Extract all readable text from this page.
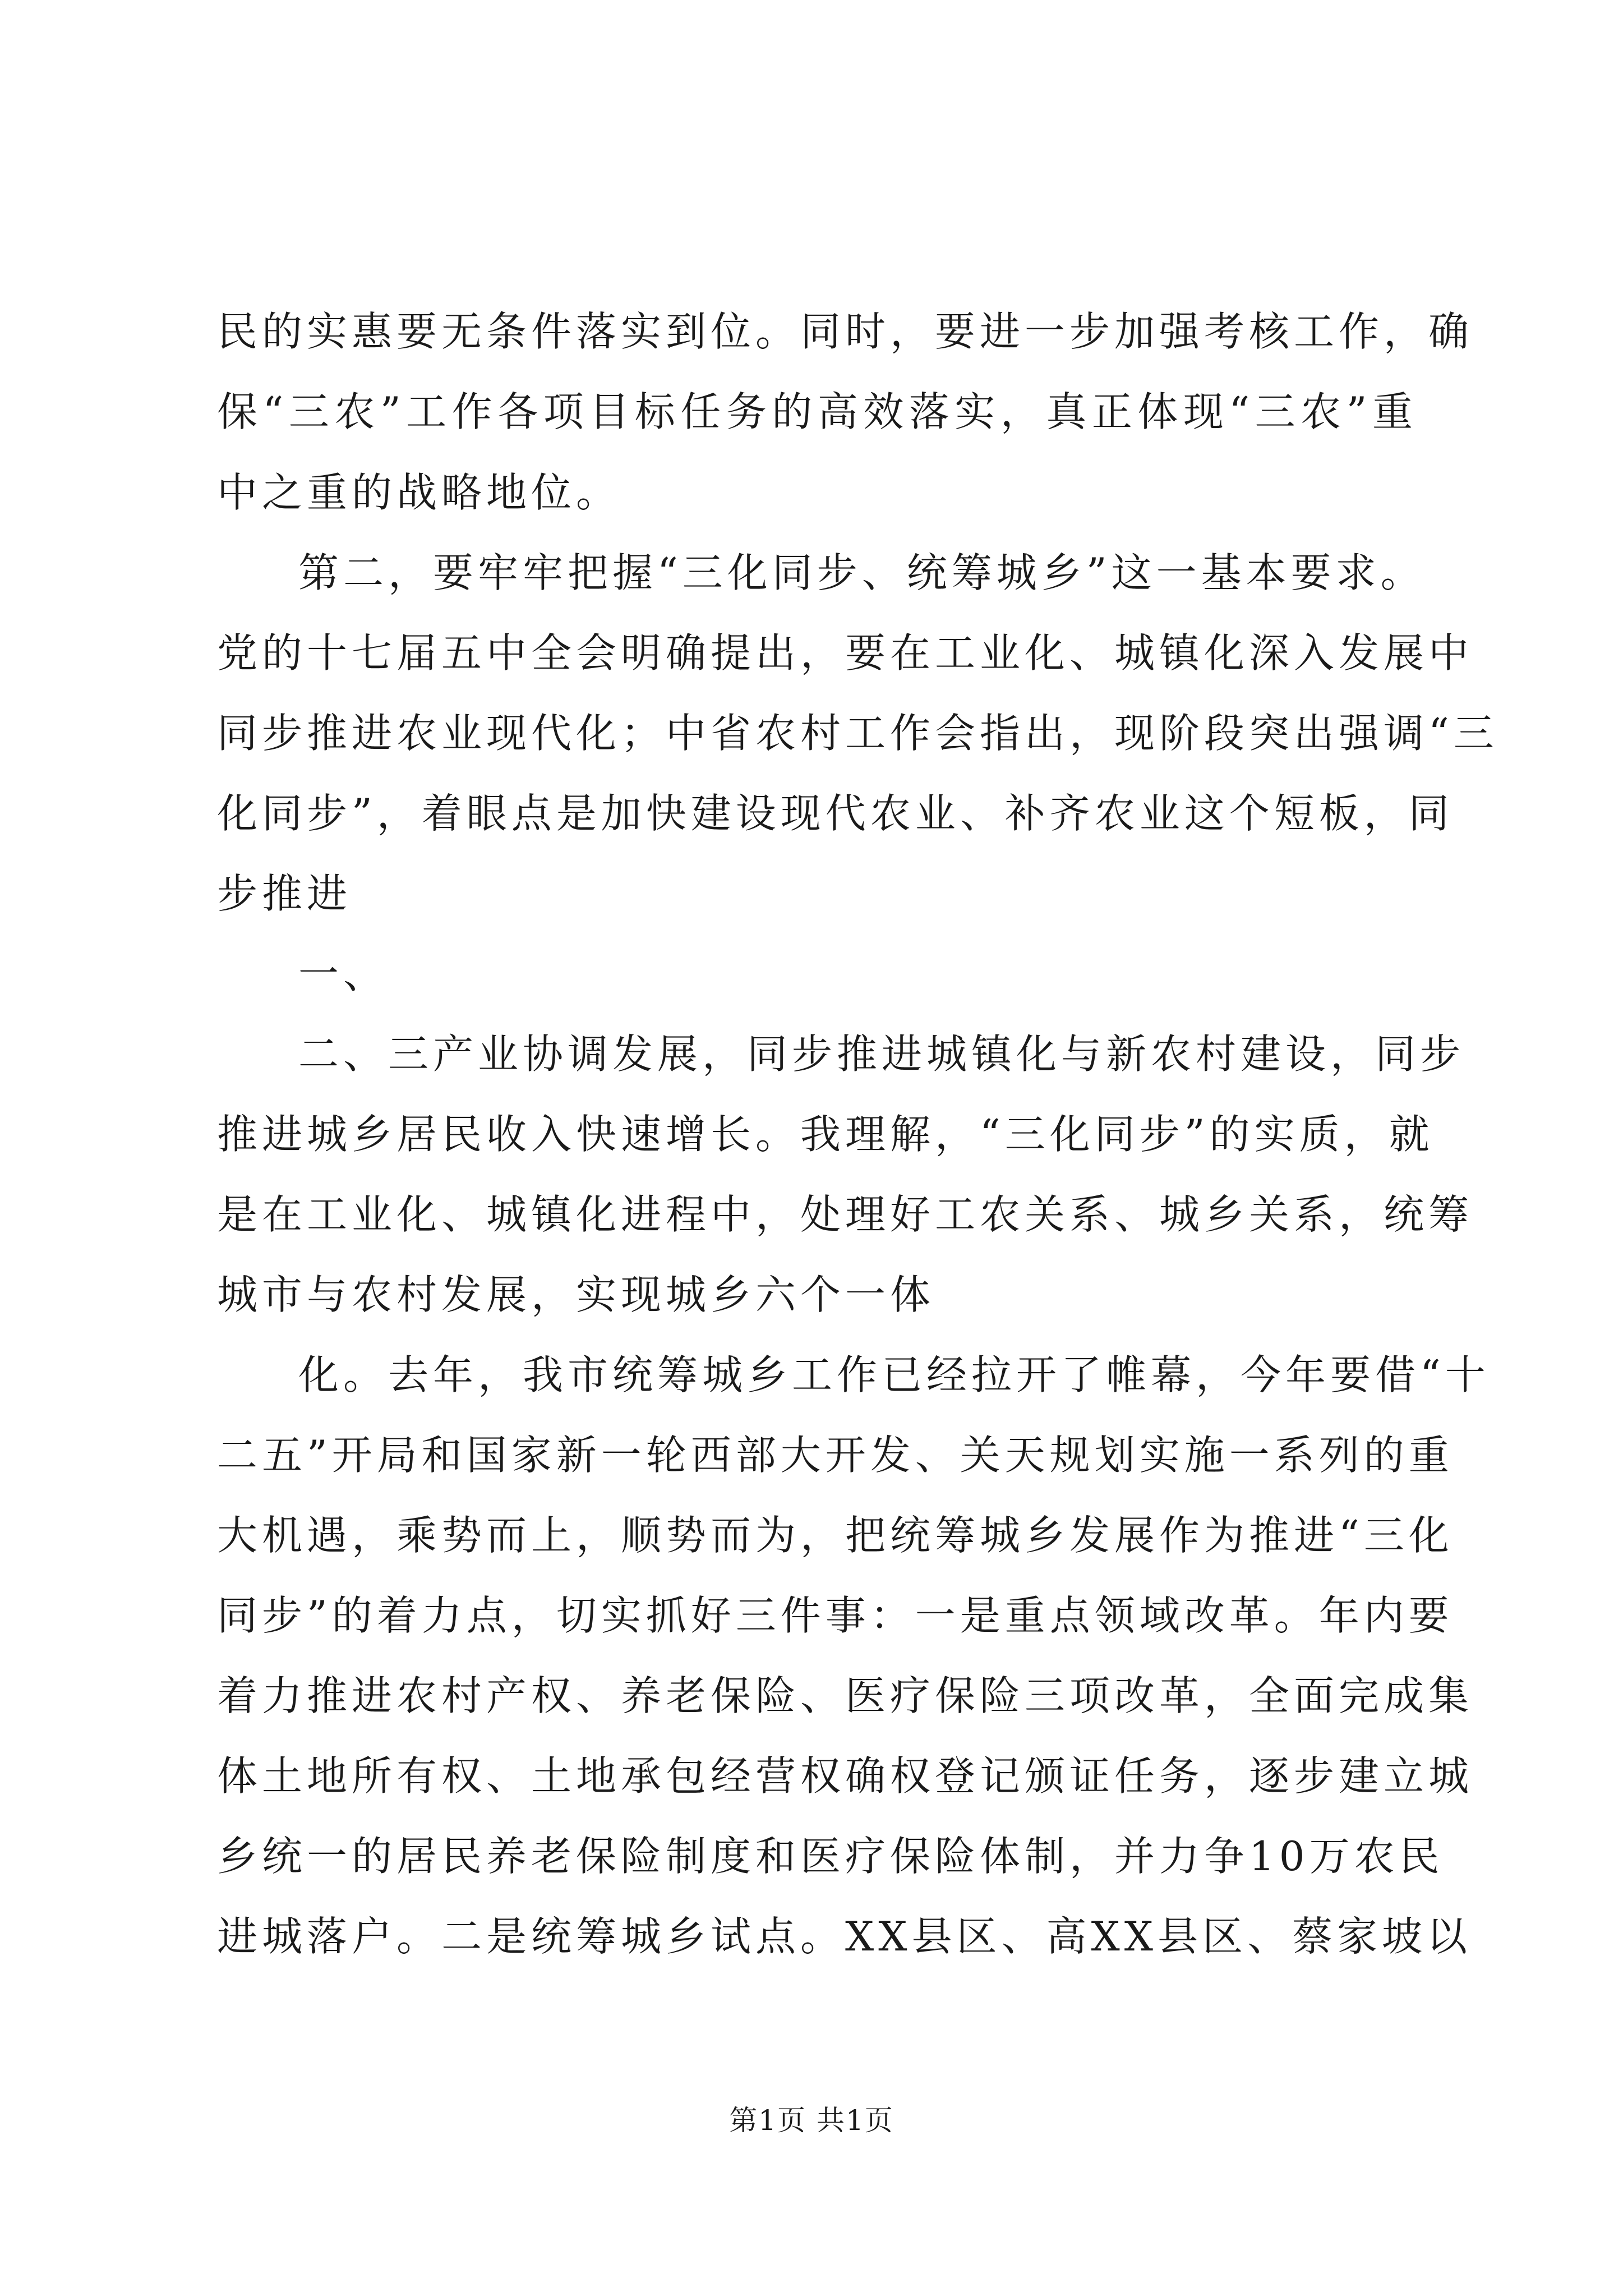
民的实惠要无条件落实到位。同时，要进一步加强考核工作，确
保“三农”工作各项目标任务的高效落实，真正体现“三农”重
中之重的战略地位。
第二，要牢牢把握“三化同步、统筹城乡”这一基本要求。
党的十七届五中全会明确提出，要在工业化、城镇化深入发展中
同步推进农业现代化；中省农村工作会指出，现阶段突出强调“三
化同步”，着眼点是加快建设现代农业、补齐农业这个短板，同
步推进
一、
二、三产业协调发展，同步推进城镇化与新农村建设，同步
推进城乡居民收入快速增长。我理解，“三化同步”的实质，就
是在工业化、城镇化进程中，处理好工农关系、城乡关系，统筹
城市与农村发展，实现城乡六个一体
化。去年，我市统筹城乡工作已经拉开了帷幕，今年要借“十
二五”开局和国家新一轮西部大开发、关天规划实施一系列的重
大机遇，乘势而上，顺势而为，把统筹城乡发展作为推进“三化
同步”的着力点，切实抓好三件事：一是重点领域改革。年内要
着力推进农村产权、养老保险、医疗保险三项改革，全面完成集
体土地所有权、土地承包经营权确权登记颁证任务，逐步建立城
乡统一的居民养老保险制度和医疗保险体制，并力争10万农民
进城落户。二是统筹城乡试点。XX县区、高XX县区、蔡家坡以
第1页 共1页
